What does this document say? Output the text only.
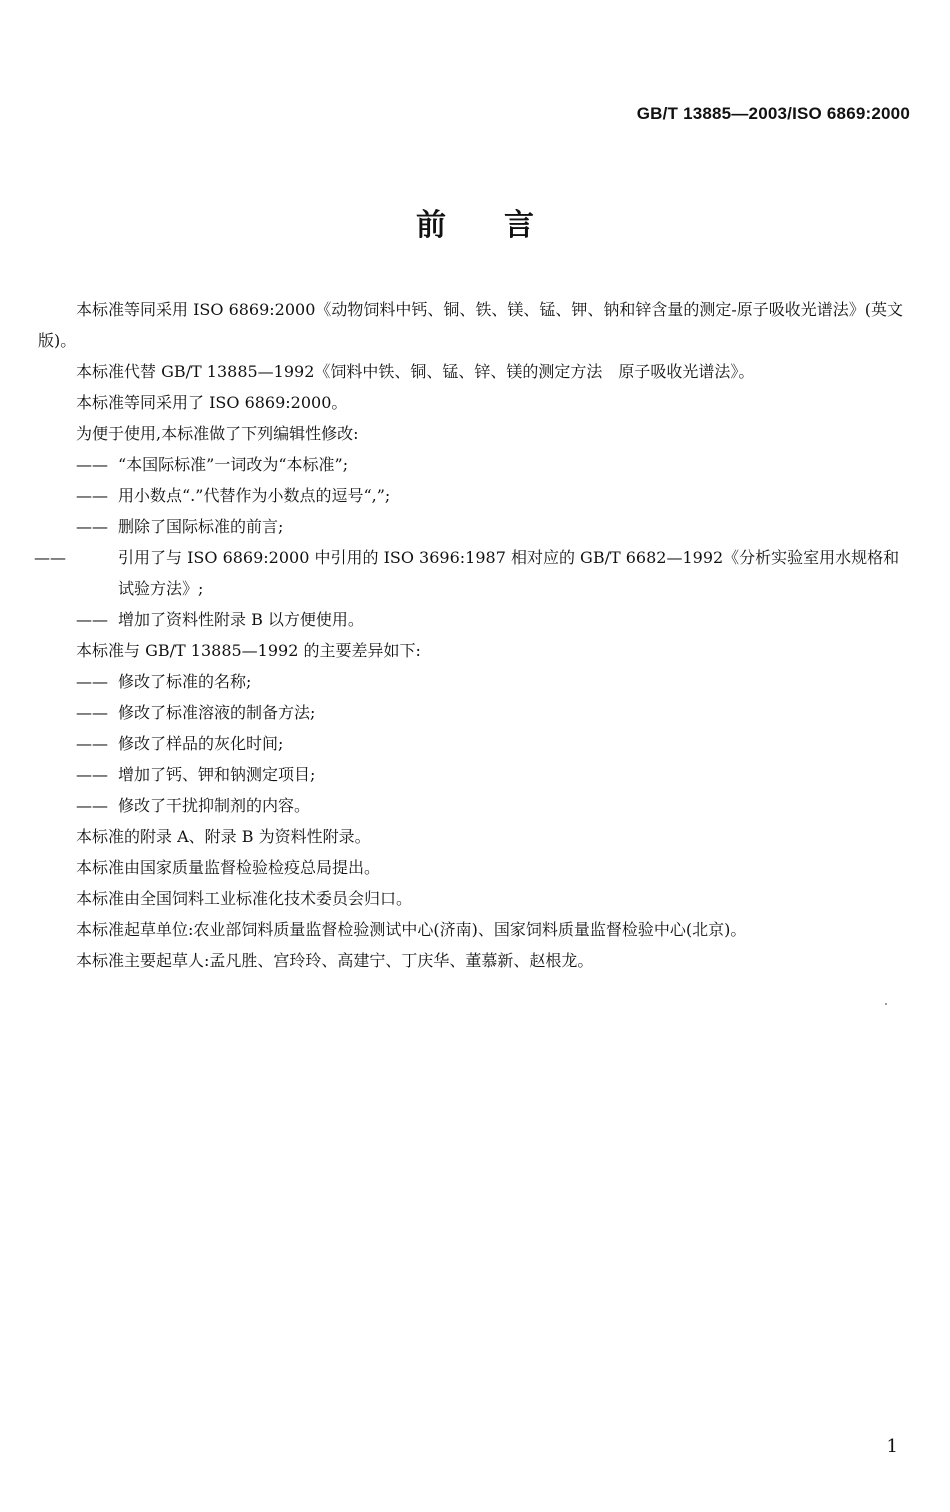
GB/T 13885—2003/ISO 6869:2000
前言

本标准等同采用 ISO 6869:2000《动物饲料中钙、铜、铁、镁、锰、钾、钠和锌含量的测定-原子吸收光谱法》(英文版)。

本标准代替 GB/T 13885—1992《饲料中铁、铜、锰、锌、镁的测定方法　原子吸收光谱法》。

本标准等同采用了 ISO 6869:2000。

为便于使用,本标准做了下列编辑性修改:

—— “本国际标准”一词改为“本标准”;

—— 用小数点“.”代替作为小数点的逗号“,”;

—— 删除了国际标准的前言;

——	引用了与 ISO 6869:2000 中引用的 ISO 3696:1987 相对应的 GB/T 6682—1992《分析实验室用水规格和试验方法》;

—— 增加了资料性附录 B 以方便使用。

本标准与 GB/T 13885—1992 的主要差异如下:

—— 修改了标准的名称;

—— 修改了标准溶液的制备方法;

—— 修改了样品的灰化时间;

—— 增加了钙、钾和钠测定项目;

—— 修改了干扰抑制剂的内容。

本标准的附录 A、附录 B 为资料性附录。

本标准由国家质量监督检验检疫总局提出。

本标准由全国饲料工业标准化技术委员会归口。

本标准起草单位:农业部饲料质量监督检验测试中心(济南)、国家饲料质量监督检验中心(北京)。

本标准主要起草人:孟凡胜、宫玲玲、高建宁、丁庆华、董慕新、赵根龙。

1
